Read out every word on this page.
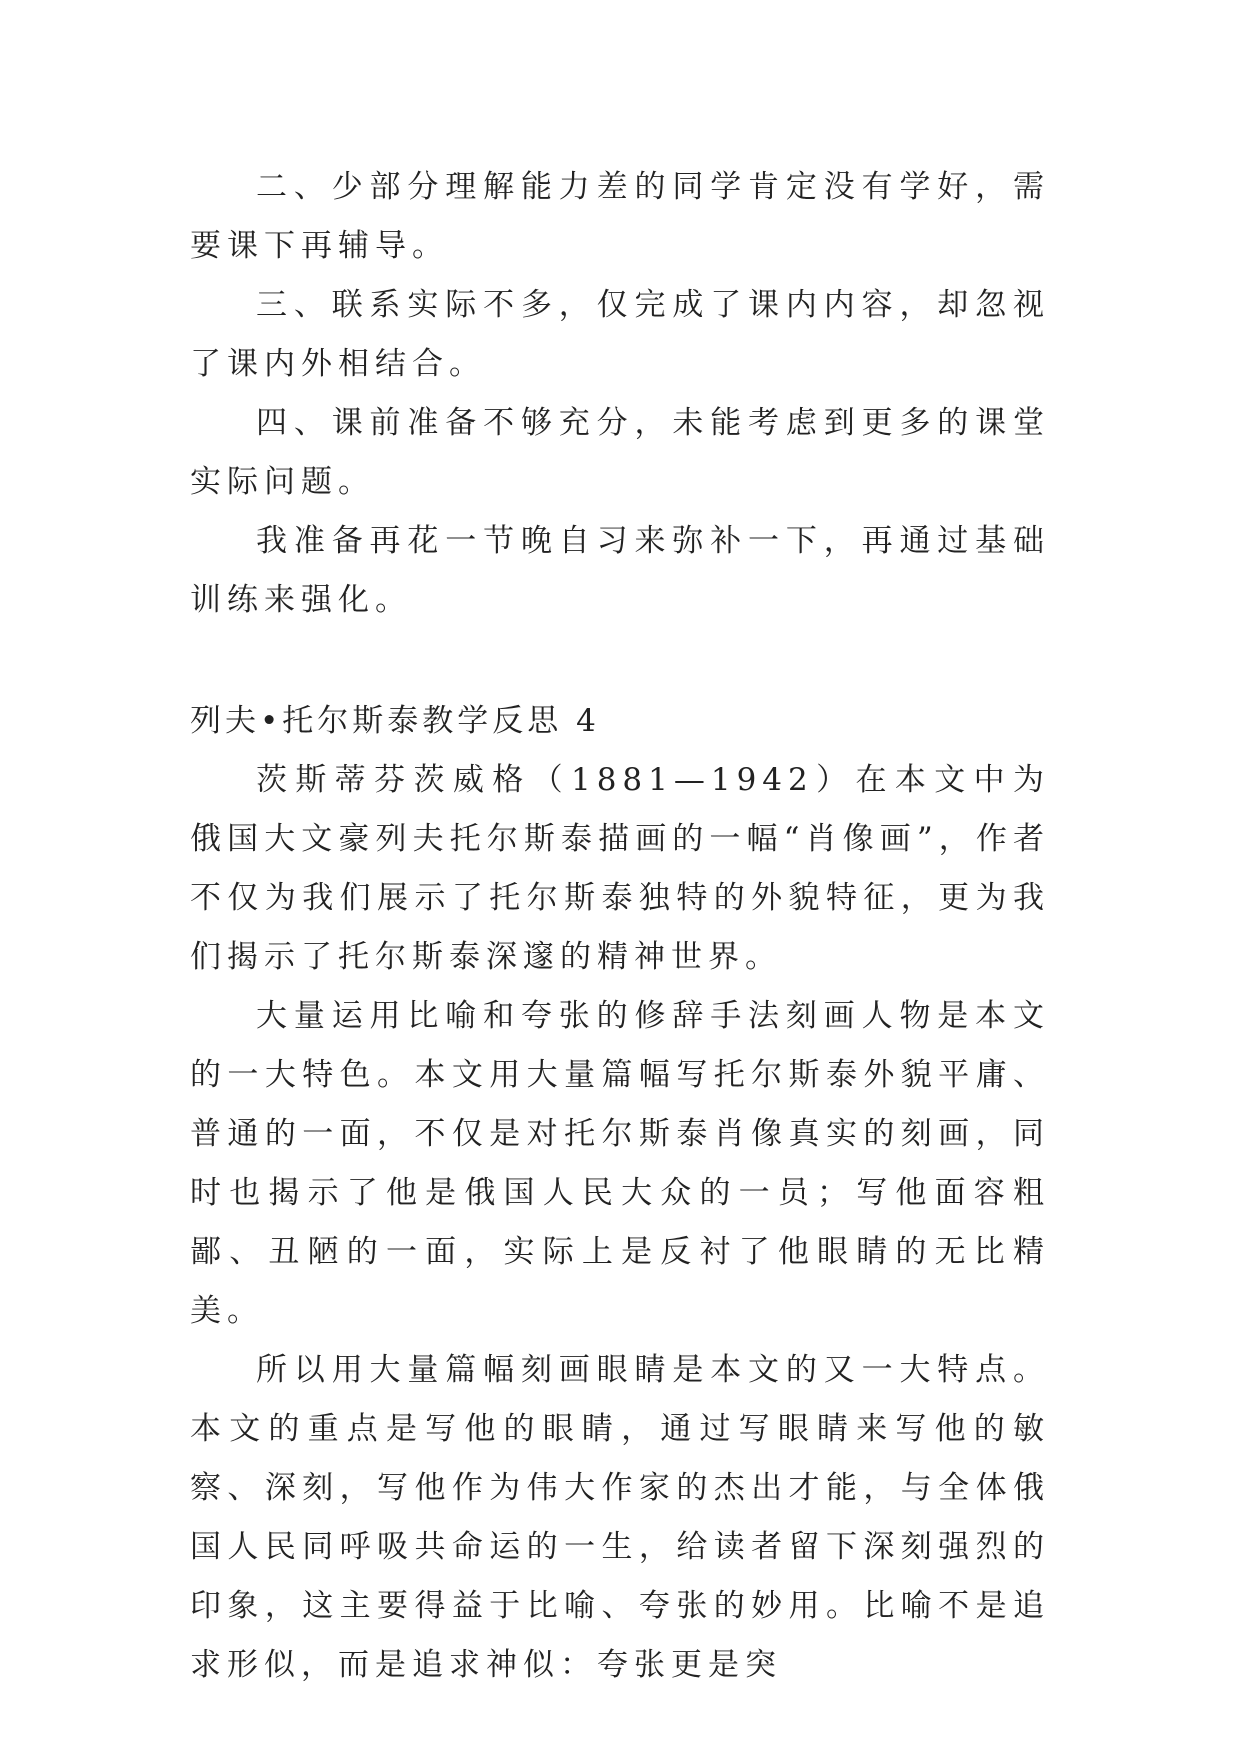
二、少部分理解能力差的同学肯定没有学好，需要课下再辅导。

三、联系实际不多，仅完成了课内内容，却忽视了课内外相结合。

四、课前准备不够充分，未能考虑到更多的课堂实际问题。

我准备再花一节晚自习来弥补一下，再通过基础训练来强化。

列夫•托尔斯泰教学反思 4

茨斯蒂芬茨威格（1881—1942）在本文中为俄国大文豪列夫托尔斯泰描画的一幅“肖像画”，作者不仅为我们展示了托尔斯泰独特的外貌特征，更为我们揭示了托尔斯泰深邃的精神世界。

大量运用比喻和夸张的修辞手法刻画人物是本文的一大特色。本文用大量篇幅写托尔斯泰外貌平庸、普通的一面，不仅是对托尔斯泰肖像真实的刻画，同时也揭示了他是俄国人民大众的一员；写他面容粗鄙、丑陋的一面，实际上是反衬了他眼睛的无比精美。

所以用大量篇幅刻画眼睛是本文的又一大特点。本文的重点是写他的眼睛，通过写眼睛来写他的敏察、深刻，写他作为伟大作家的杰出才能，与全体俄国人民同呼吸共命运的一生，给读者留下深刻强烈的印象，这主要得益于比喻、夸张的妙用。比喻不是追求形似，而是追求神似：夸张更是突
